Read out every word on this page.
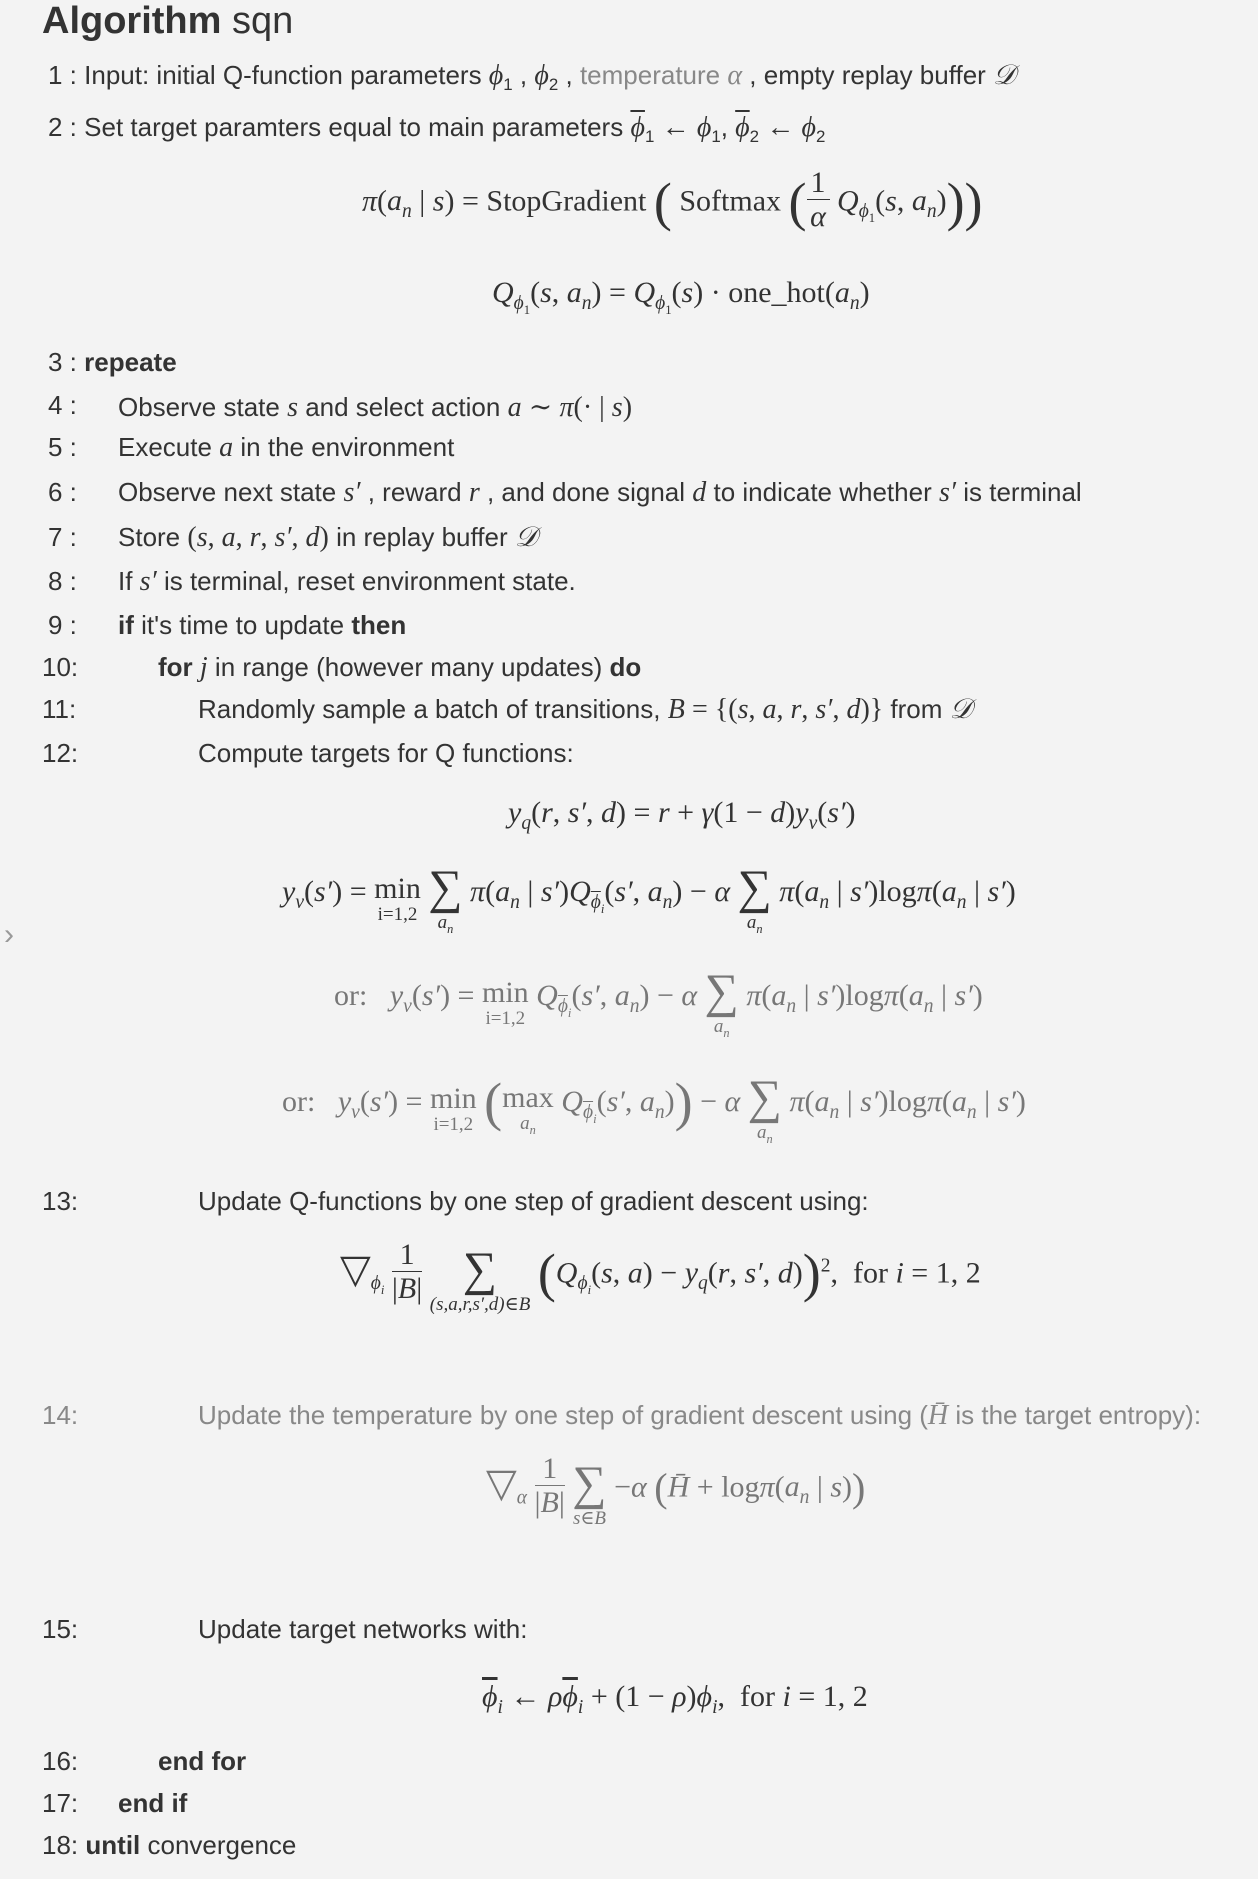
Algorithm sqn
1 : Input: initial Q-function parameters $\phi_1$ , $\phi_2$ , temperature α , empty replay buffer 𝒟
2 : Set target paramters equal to main parameters $\overline{\phi}_1$ ← $\phi_1$, $\overline{\phi}_2$ ← $\phi_2$
$\pi(a_n$ | s) = StopGradient ( Softmax ( $\frac{1}{\alpha} Q_{\phi_1}(s$, $a_n$)))
$Q_{\phi_1}(s$, $a_n) = Q_{\phi_1}(s)$ · $one\_hot(a_n)$
3 : repeate
4 : Observe state s and select action a ∼ π(· | s)
5 : Execute a in the environment
6 : Observe next state s′ , reward r , and done signal d to indicate whether s′ is terminal
7 : Store (s, a, r, s′, d) in replay buffer 𝒟
8 : If s′ is terminal, reset environment state.
9 : if it's time to update then
10:	for j in range (however many updates) do
11:	Randomly sample a batch of transitions, B = {(s, a, r, s′, d)} from 𝒟
12:	Compute targets for Q functions:
$y_q(r$, s′, $d) = r + \gamma(1 - d)y_v(s')$
$y_v(s') = \min$
i=1,2

∑
$a_n$
$\pi(a_n$ | $s')Q_{\overline{\phi}_i}(s'$, $a_n) - \alpha$ ∑
$a_n$
$\pi(a_n$ | $s')\log\pi(a_n$ | s′)
or: $y_v(s') = \min$
i=1,2
$Q_{\overline{\phi}_i}(s'$, $a_n) - \alpha$ ∑
$a_n$
$\pi(a_n$ | $s')\log\pi(a_n$ | s′)
or: $y_v(s') = \min$
i=1,2 ( max
$a_n$
$Q_{\overline{\phi}_i}(s'$, $a_n)) - \alpha$ ∑
$a_n$
$\pi(a_n$ | $s')\log\pi(a_n$ | s′)
13:	Update Q-functions by one step of gradient descent using:
$▽_{\phi_i} \frac{1}{|B|}$
∑
(s,a,r,s′,d)∈B
($Q_{\phi_i}(s$, $a) - y_q(r$, s′, d))$^2$,  for i = 1, 2
14:	Update the temperature by one step of gradient descent using (H̄ is the target entropy):
$▽_\alpha \frac{1}{|B|}$
∑
s∈B
−α (H̄ + $\log\pi(a_n$ | s))
15:	Update target networks with:
$\overline{\phi}_i$ ← $\rho\overline{\phi}_i + (1 - \rho)\phi_i$,  for i = 1, 2
16:	end for
17: end if
18: until convergence
›
